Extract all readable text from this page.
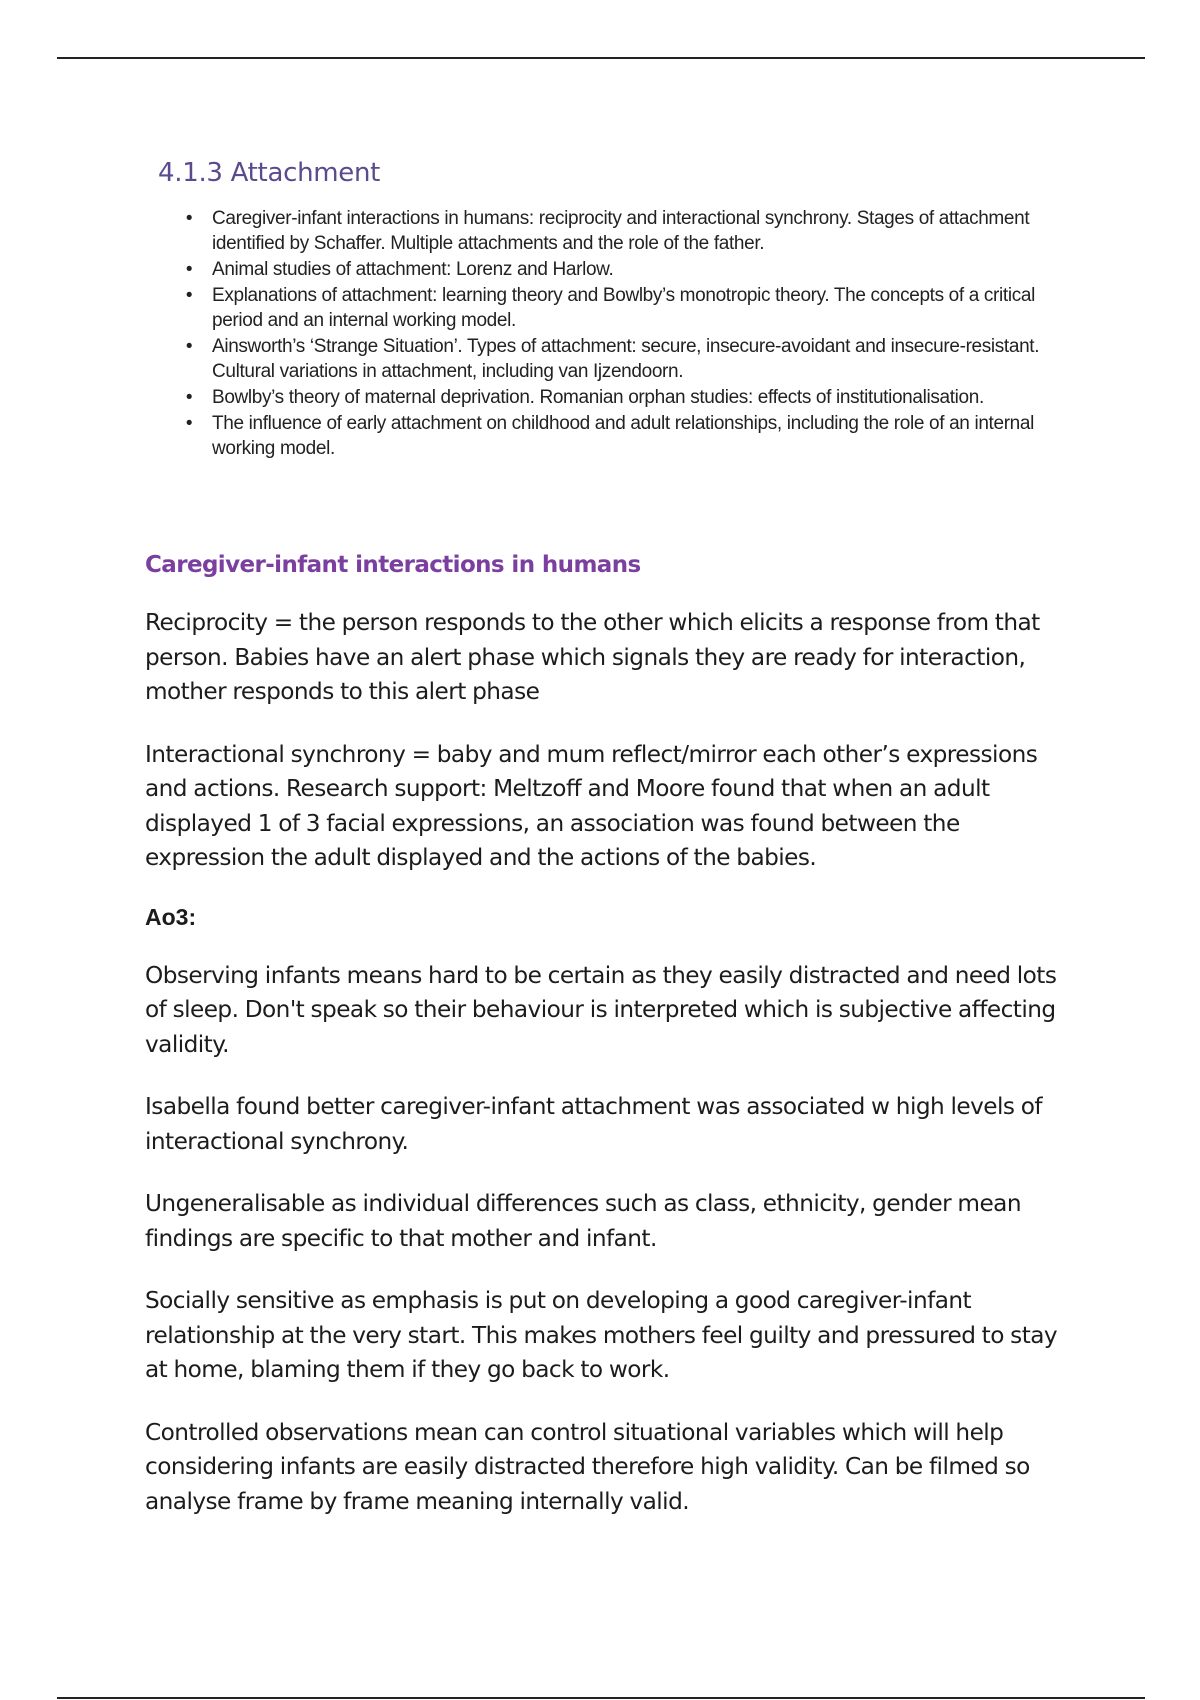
4.1.3 Attachment
• Caregiver-infant interactions in humans: reciprocity and interactional synchrony. Stages of attachment identified by Schaffer. Multiple attachments and the role of the father.
• Animal studies of attachment: Lorenz and Harlow.
• Explanations of attachment: learning theory and Bowlby’s monotropic theory. The concepts of a critical period and an internal working model.
• Ainsworth’s ‘Strange Situation’. Types of attachment: secure, insecure-avoidant and insecure-resistant. Cultural variations in attachment, including van Ijzendoorn.
• Bowlby’s theory of maternal deprivation. Romanian orphan studies: effects of institutionalisation.
• The influence of early attachment on childhood and adult relationships, including the role of an internal working model.
Caregiver-infant interactions in humans

Reciprocity = the person responds to the other which elicits a response from that person. Babies have an alert phase which signals they are ready for interaction, mother responds to this alert phase

Interactional synchrony = baby and mum reflect/mirror each other’s expressions and actions. Research support: Meltzoff and Moore found that when an adult displayed 1 of 3 facial expressions, an association was found between the expression the adult displayed and the actions of the babies.

Ao3:

Observing infants means hard to be certain as they easily distracted and need lots of sleep. Don't speak so their behaviour is interpreted which is subjective affecting validity.

Isabella found better caregiver-infant attachment was associated w high levels of interactional synchrony.

Ungeneralisable as individual differences such as class, ethnicity, gender mean findings are specific to that mother and infant.

Socially sensitive as emphasis is put on developing a good caregiver-infant relationship at the very start. This makes mothers feel guilty and pressured to stay at home, blaming them if they go back to work.

Controlled observations mean can control situational variables which will help considering infants are easily distracted therefore high validity. Can be filmed so analyse frame by frame meaning internally valid.
